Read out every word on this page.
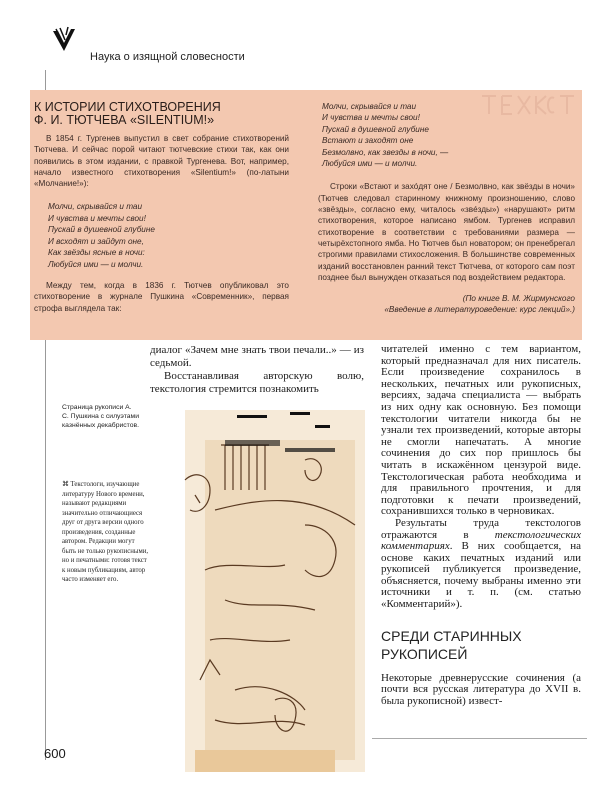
Наука о изящной словесности
К ИСТОРИИ СТИХОТВОРЕНИЯ
Ф. И. ТЮТЧЕВА «SILENTIUM!»

В 1854 г. Тургенев выпустил в свет собрание стихотворений Тютчева. И сейчас порой читают тютчевские стихи так, как они появились в этом издании, с правкой Тургенева. Вот, например, начало известного стихотворения «Silentium!» (по-латыни «Молчание!»):

Молчи, скрывайся и таи
И чувства и мечты свои!
Пускай в душевной глубине
И всходят и зайдут оне,
Как звёзды ясные в ночи:
Любуйся ими — и молчи.

Между тем, когда в 1836 г. Тютчев опубликовал это стихотворение в журнале Пушкина «Современник», первая строфа выглядела так:

Молчи, скрывайся и таи
И чувства и мечты свои!
Пускай в душевной глубине
Встают и заходят оне
Безмолвно, как звезды в ночи, —
Любуйся ими — и молчи.

Строки «Встают и захóдят оне / Безмолвно, как звёзды в ночи» (Тютчев следовал старинному книжному произношению, слово «звёзды», согласно ему, читалось «звéзды») «нарушают» ритм стихотворения, которое написано ямбом. Тургенев исправил стихотворение в соответствии с требованиями размера — четырёхстопного ямба. Но Тютчев был новатором; он пренебрегал строгими правилами стихосложения. В большинстве современных изданий восстановлен ранний текст Тютчева, от которого сам поэт позднее был вынужден отказаться под воздействием редактора.

(По книге В. М. Жирмунского
«Введение в литературоведение: курс лекций».)

диалог «Зачем мне знать твои печали..» — из седьмой.

Восстанавливая авторскую волю, текстология стремится познакомить

Страница рукописи А. С. Пушкина с силуэтами казнённых декабристов.
⌘ Текстологи, изучающие литературу Нового времени, называют редакциями значительно отличающиеся друг от друга версии одного произведения, созданные автором. Редакции могут быть не только рукописными, но и печатными: готовя текст к новым публикациям, автор часто изменяет его.

читателей именно с тем вариантом, который предназначал для них писатель. Если произведение сохранилось в нескольких, печатных или рукописных, версиях, задача специалиста — выбрать из них одну как основную. Без помощи текстологии читатели никогда бы не узнали тех произведений, которые авторы не смогли напечатать. А многие сочинения до сих пор пришлось бы читать в искажённом цензурой виде. Текстологическая работа необходима и для правильного прочтения, и для подготовки к печати произведений, сохранившихся только в черновиках.

Результаты труда текстологов отражаются в текстологических комментариях. В них сообщается, на основе каких печатных изданий или рукописей публикуется произведение, объясняется, почему выбраны именно эти источники и т. п. (см. статью «Комментарий»).

СРЕДИ СТАРИННЫХ РУКОПИСЕЙ

Некоторые древнерусские сочинения (а почти вся русская литература до XVII в. была рукописной) извест-

600
